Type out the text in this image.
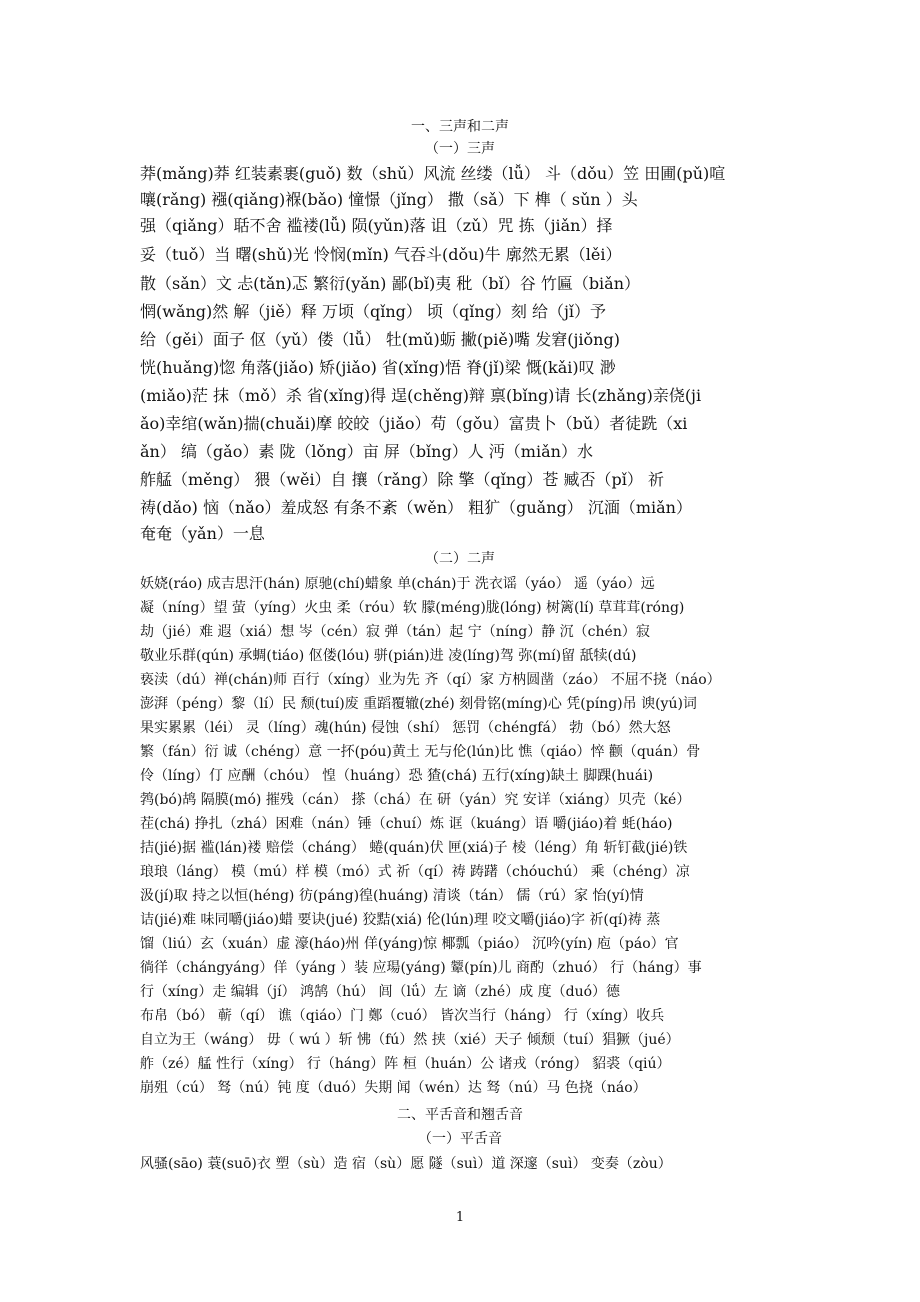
一、三声和二声
（一）三声
莽(mǎng)莽 红装素裹(guǒ) 数（shǔ）风流 丝缕（lǚ） 斗（dǒu）笠 田圃(pǔ)喧
嚷(rǎng) 襁(qiǎng)褓(bǎo) 憧憬（jǐng） 撒（sǎ）下 榫（ sǔn ）头
强（qiǎng）聒不舍 褴褛(lǚ) 陨(yǔn)落 诅（zǔ）咒 拣（jiǎn）择
妥（tuǒ）当 曙(shǔ)光 怜悯(mǐn) 气吞斗(dǒu)牛 廓然无累（lěi）
散（sǎn）文 忐(tǎn)忑 繁衍(yǎn) 鄙(bǐ)夷 秕（bǐ）谷 竹匾（biǎn）
惘(wǎng)然 解（jiě）释 万顷（qǐng） 顷（qǐng）刻 给（jǐ）予
给（gěi）面子 伛（yǔ）偻（lǚ） 牡(mǔ)蛎 撇(piě)嘴 发窘(jiǒng)
恍(huǎng)惚 角落(jiǎo) 矫(jiǎo) 省(xǐng)悟 脊(jǐ)梁 慨(kǎi)叹 渺
(miǎo)茫 抹（mǒ）杀 省(xǐng)得 逞(chěng)辩 禀(bǐng)请 长(zhǎng)亲侥(ji
ǎo)幸绾(wǎn)揣(chuǎi)摩 皎皎（jiǎo）苟（gǒu）富贵卜（bǔ）者徒跣（xi
ǎn） 缟（gǎo）素 陇（lǒng）亩 屏（bǐng）人 沔（miǎn）水
舴艋（měng） 猥（wěi）自 攘（rǎng）除 擎（qǐng）苍 臧否（pǐ） 祈
祷(dǎo) 恼（nǎo）羞成怒 有条不紊（wěn） 粗犷（guǎng） 沉湎（miǎn）
奄奄（yǎn）一息
（二）二声
妖娆(ráo) 成吉思汗(hán) 原驰(chí)蜡象 单(chán)于 洗衣谣（yáo） 遥（yáo）远
凝（níng）望 萤（yíng）火虫 柔（róu）软 朦(méng)胧(lóng) 树篱(lí) 草茸茸(róng)
劫（jié）难 遐（xiá）想 岑（cén）寂 弹（tán）起 宁（níng）静 沉（chén）寂
敬业乐群(qún) 承蜩(tiáo) 伛偻(lóu) 骈(pián)进 凌(líng)驾 弥(mí)留 舐犊(dú)
亵渎（dú）禅(chán)师 百行（xíng）业为先 齐（qí）家 方枘圆凿（záo） 不屈不挠（náo）
澎湃（péng）黎（lí）民 颓(tuí)废 重蹈覆辙(zhé) 刻骨铭(míng)心 凭(píng)吊 谀(yú)词
果实累累（léi） 灵（líng）魂(hún) 侵蚀（shí） 惩罚（chéngfá） 勃（bó）然大怒
繁（fán）衍 诚（chéng）意 一抔(póu)黄土 无与伦(lún)比 憔（qiáo）悴 颧（quán）骨
伶（líng）仃 应酬（chóu） 惶（huáng）恐 猹(chá) 五行(xíng)缺土 脚踝(huái)
鹁(bó)鸪 隔膜(mó) 摧残（cán） 搽（chá）在 研（yán）究 安详（xiáng）贝壳（ké）
茬(chá) 挣扎（zhá）困难（nán）锤（chuí）炼 诓（kuáng）语 嚼(jiáo)着 蚝(háo)
拮(jié)据 褴(lán)褛 赔偿（cháng） 蜷(quán)伏 匣(xiá)子 棱（léng）角 斩钉截(jié)铁
琅琅（láng） 模（mú）样 模（mó）式 祈（qí）祷 踌躇（chóuchú） 乘（chéng）凉
汲(jí)取 持之以恒(héng) 彷(páng)徨(huáng) 清谈（tán） 儒（rú）家 怡(yí)情
诘(jié)难 味同嚼(jiáo)蜡 要诀(jué) 狡黠(xiá) 伦(lún)理 咬文嚼(jiáo)字 祈(qí)祷 蒸
馏（liú）玄（xuán）虚 濠(háo)州 佯(yáng)惊 椰瓢（piáo） 沉吟(yín) 庖（páo）官
徜徉（chángyáng）佯（yáng ）装 应瑒(yáng) 颦(pín)儿 商酌（zhuó） 行（háng）事
行（xíng）走 编辑（jí） 鸿鹄（hú） 闾（lǘ）左 谪（zhé）成 度（duó）德
布帛（bó） 蕲（qí） 谯（qiáo）门 鄭（cuó） 皆次当行（háng） 行（xíng）收兵
自立为王（wáng） 毋（ wú ）斩 怫（fú）然 挟（xié）天子 倾颓（tuí）猖獗（jué）
舴（zé）艋 性行（xíng） 行（háng）阵 桓（huán）公 诸戎（róng） 貂裘（qiú）
崩殂（cú） 驽（nú）钝 度（duó）失期 闻（wén）达 驽（nú）马 色挠（náo）
二、平舌音和翘舌音
（一）平舌音
风骚(sāo) 蓑(suō)衣 塑（sù）造 宿（sù）愿 隧（suì）道 深邃（suì） 变奏（zòu）
1
